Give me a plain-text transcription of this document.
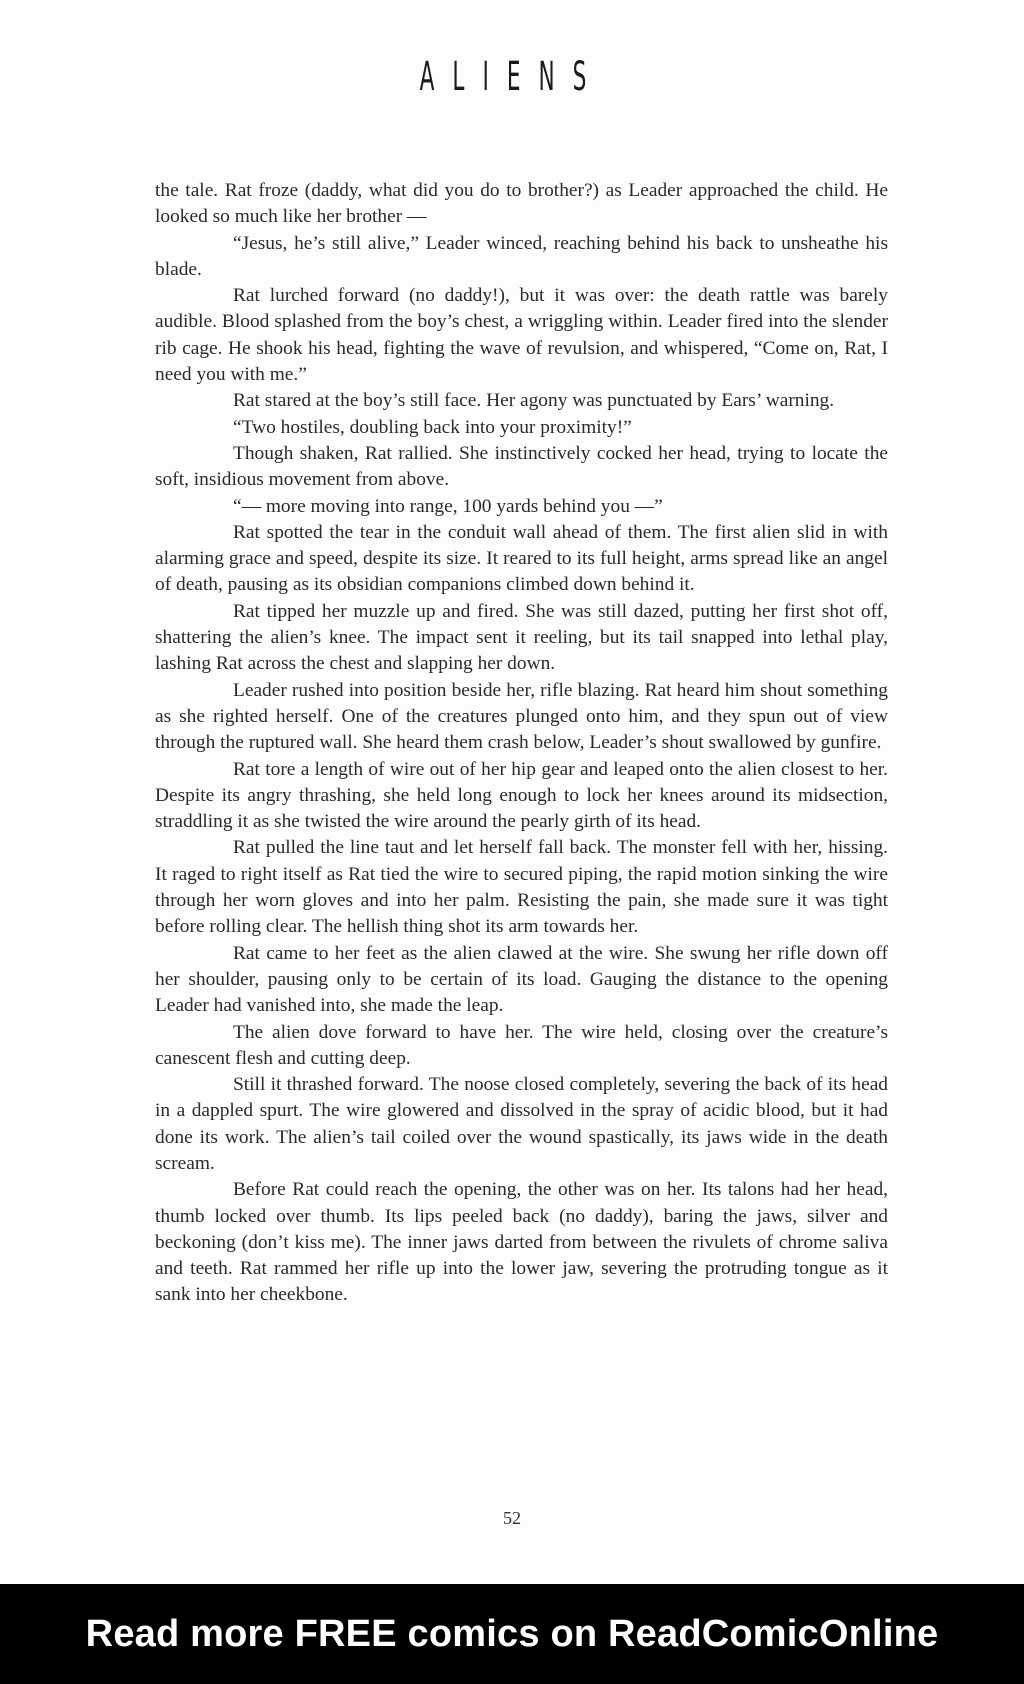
ALIENS

the tale. Rat froze (daddy, what did you do to brother?) as Leader approached the child. He looked so much like her brother —

“Jesus, he’s still alive,” Leader winced, reaching behind his back to unsheathe his blade.

Rat lurched forward (no daddy!), but it was over: the death rattle was barely audible. Blood splashed from the boy’s chest, a wriggling within. Leader fired into the slender rib cage. He shook his head, fighting the wave of revulsion, and whispered, “Come on, Rat, I need you with me.”

Rat stared at the boy’s still face. Her agony was punctuated by Ears’ warning.

“Two hostiles, doubling back into your proximity!”

Though shaken, Rat rallied. She instinctively cocked her head, trying to locate the soft, insidious movement from above.

“— more moving into range, 100 yards behind you —”

Rat spotted the tear in the conduit wall ahead of them. The first alien slid in with alarming grace and speed, despite its size. It reared to its full height, arms spread like an angel of death, pausing as its obsidian companions climbed down behind it.

Rat tipped her muzzle up and fired. She was still dazed, putting her first shot off, shattering the alien’s knee. The impact sent it reeling, but its tail snapped into lethal play, lashing Rat across the chest and slapping her down.

Leader rushed into position beside her, rifle blazing. Rat heard him shout something as she righted herself. One of the creatures plunged onto him, and they spun out of view through the ruptured wall. She heard them crash below, Leader’s shout swallowed by gunfire.

Rat tore a length of wire out of her hip gear and leaped onto the alien closest to her. Despite its angry thrashing, she held long enough to lock her knees around its midsection, straddling it as she twisted the wire around the pearly girth of its head.

Rat pulled the line taut and let herself fall back. The monster fell with her, hissing. It raged to right itself as Rat tied the wire to secured piping, the rapid motion sinking the wire through her worn gloves and into her palm. Resisting the pain, she made sure it was tight before rolling clear. The hellish thing shot its arm towards her.

Rat came to her feet as the alien clawed at the wire. She swung her rifle down off her shoulder, pausing only to be certain of its load. Gauging the distance to the opening Leader had vanished into, she made the leap.

The alien dove forward to have her. The wire held, closing over the creature’s canescent flesh and cutting deep.

Still it thrashed forward. The noose closed completely, severing the back of its head in a dappled spurt. The wire glowered and dissolved in the spray of acidic blood, but it had done its work. The alien’s tail coiled over the wound spastically, its jaws wide in the death scream.

Before Rat could reach the opening, the other was on her. Its talons had her head, thumb locked over thumb. Its lips peeled back (no daddy), baring the jaws, silver and beckoning (don’t kiss me). The inner jaws darted from between the rivulets of chrome saliva and teeth. Rat rammed her rifle up into the lower jaw, severing the protruding tongue as it sank into her cheekbone.

52
Read more FREE comics on ReadComicOnline
